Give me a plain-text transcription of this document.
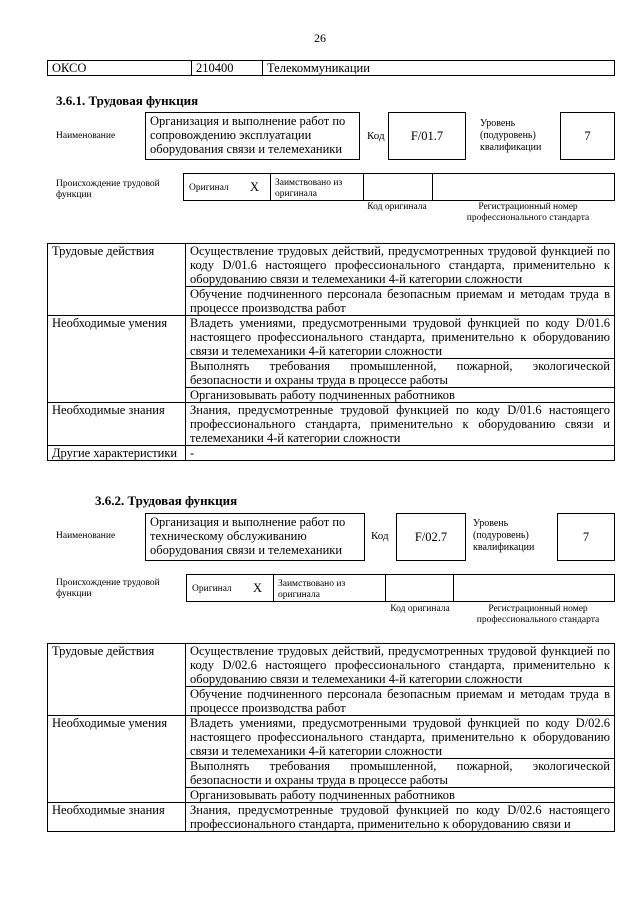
26
ОКСО	210400	Телекоммуникации
3.6.1. Трудовая функция
Наименование
Организация и выполнение работ по сопровождению эксплуатации оборудования связи и телемеханики
Код	F/01.7
Уровень (подуровень) квалификации
7
Происхождение трудовой функции
Оригинал X Заимствовано из оригинала
Код оригинала	Регистрационный номер профессионального стандарта
Трудовые действия	Осуществление трудовых действий, предусмотренных трудовой функцией по коду D/01.6 настоящего профессионального стандарта, применительно к оборудованию связи и телемеханики 4-й категории сложности
	Обучение подчиненного персонала безопасным приемам и методам труда в процессе производства работ
Необходимые умения	Владеть умениями, предусмотренными трудовой функцией по коду D/01.6 настоящего профессионального стандарта, применительно к оборудованию связи и телемеханики 4-й категории сложности
	Выполнять требования промышленной, пожарной, экологической безопасности и охраны труда в процессе работы
	Организовывать работу подчиненных работников
Необходимые знания	Знания, предусмотренные трудовой функцией по коду D/01.6 настоящего профессионального стандарта, применительно к оборудованию связи и телемеханики 4-й категории сложности
Другие характеристики	-
3.6.2. Трудовая функция
Наименование
Организация и выполнение работ по техническому обслуживанию оборудования связи и телемеханики
Код	F/02.7
Уровень (подуровень) квалификации
7
Происхождение трудовой функции	Оригинал X Заимствовано из оригинала
Код оригинала	Регистрационный номер профессионального стандарта
Трудовые действия	Осуществление трудовых действий, предусмотренных трудовой функцией по коду D/02.6 настоящего профессионального стандарта, применительно к оборудованию связи и телемеханики 4-й категории сложности
	Обучение подчиненного персонала безопасным приемам и методам труда в процессе производства работ
Необходимые умения	Владеть умениями, предусмотренными трудовой функцией по коду D/02.6 настоящего профессионального стандарта, применительно к оборудованию связи и телемеханики 4-й категории сложности
	Выполнять требования промышленной, пожарной, экологической безопасности и охраны труда в процессе работы
	Организовывать работу подчиненных работников
Необходимые знания	Знания, предусмотренные трудовой функцией по коду D/02.6 настоящего профессионального стандарта, применительно к оборудованию связи и
